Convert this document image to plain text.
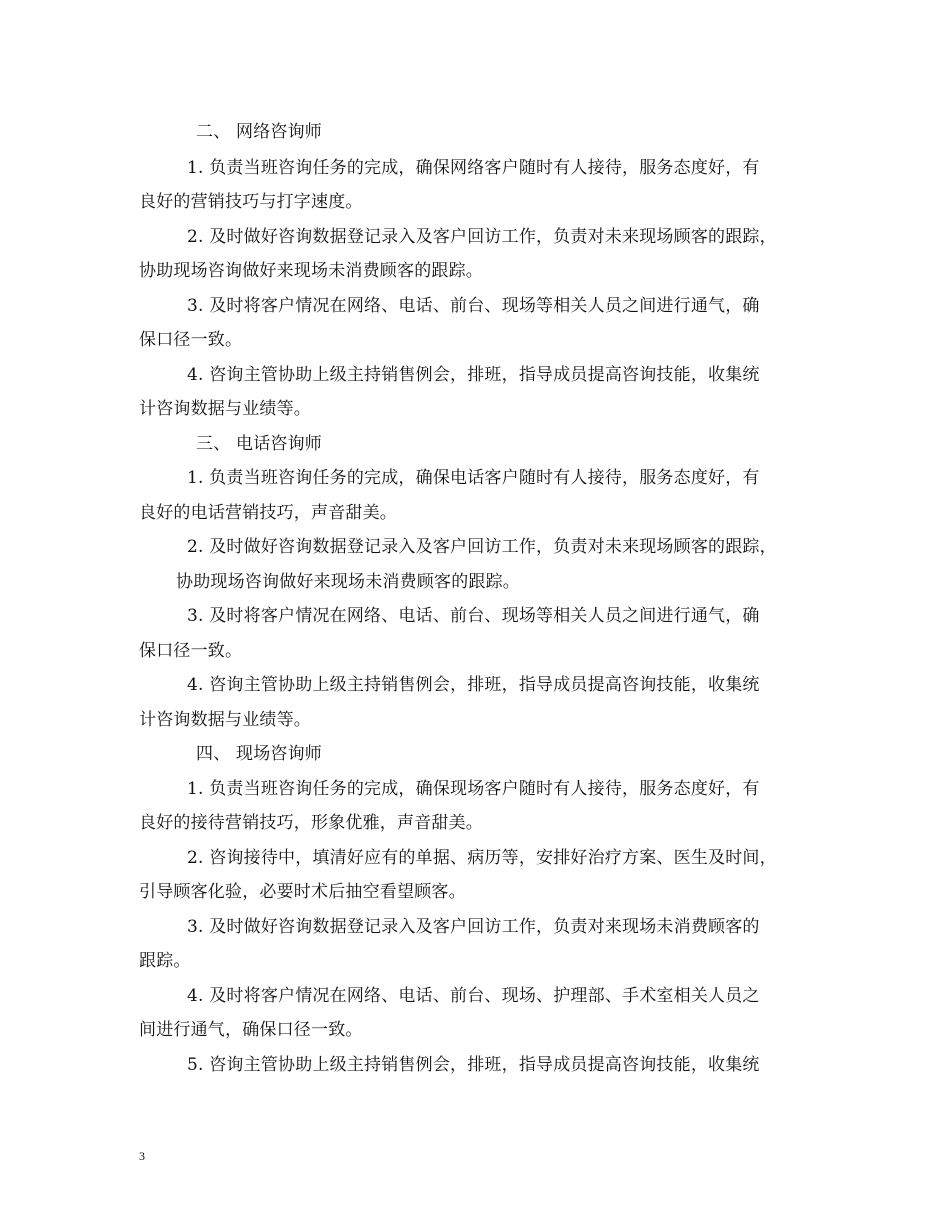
二、 网络咨询师
1. 负责当班咨询任务的完成，确保网络客户随时有人接待，服务态度好，有
良好的营销技巧与打字速度。
2. 及时做好咨询数据登记录入及客户回访工作，负责对未来现场顾客的跟踪，
协助现场咨询做好来现场未消费顾客的跟踪。
3. 及时将客户情况在网络、电话、前台、现场等相关人员之间进行通气，确
保口径一致。
4. 咨询主管协助上级主持销售例会，排班，指导成员提高咨询技能，收集统
计咨询数据与业绩等。
三、 电话咨询师
1. 负责当班咨询任务的完成，确保电话客户随时有人接待，服务态度好，有
良好的电话营销技巧，声音甜美。
2. 及时做好咨询数据登记录入及客户回访工作，负责对未来现场顾客的跟踪，
协助现场咨询做好来现场未消费顾客的跟踪。
3. 及时将客户情况在网络、电话、前台、现场等相关人员之间进行通气，确
保口径一致。
4. 咨询主管协助上级主持销售例会，排班，指导成员提高咨询技能，收集统
计咨询数据与业绩等。
四、 现场咨询师
1. 负责当班咨询任务的完成，确保现场客户随时有人接待，服务态度好，有
良好的接待营销技巧，形象优雅，声音甜美。
2. 咨询接待中，填清好应有的单据、病历等，安排好治疗方案、医生及时间，
引导顾客化验，必要时术后抽空看望顾客。
3. 及时做好咨询数据登记录入及客户回访工作，负责对来现场未消费顾客的
跟踪。
4. 及时将客户情况在网络、电话、前台、现场、护理部、手术室相关人员之
间进行通气，确保口径一致。
5. 咨询主管协助上级主持销售例会，排班，指导成员提高咨询技能，收集统
3
